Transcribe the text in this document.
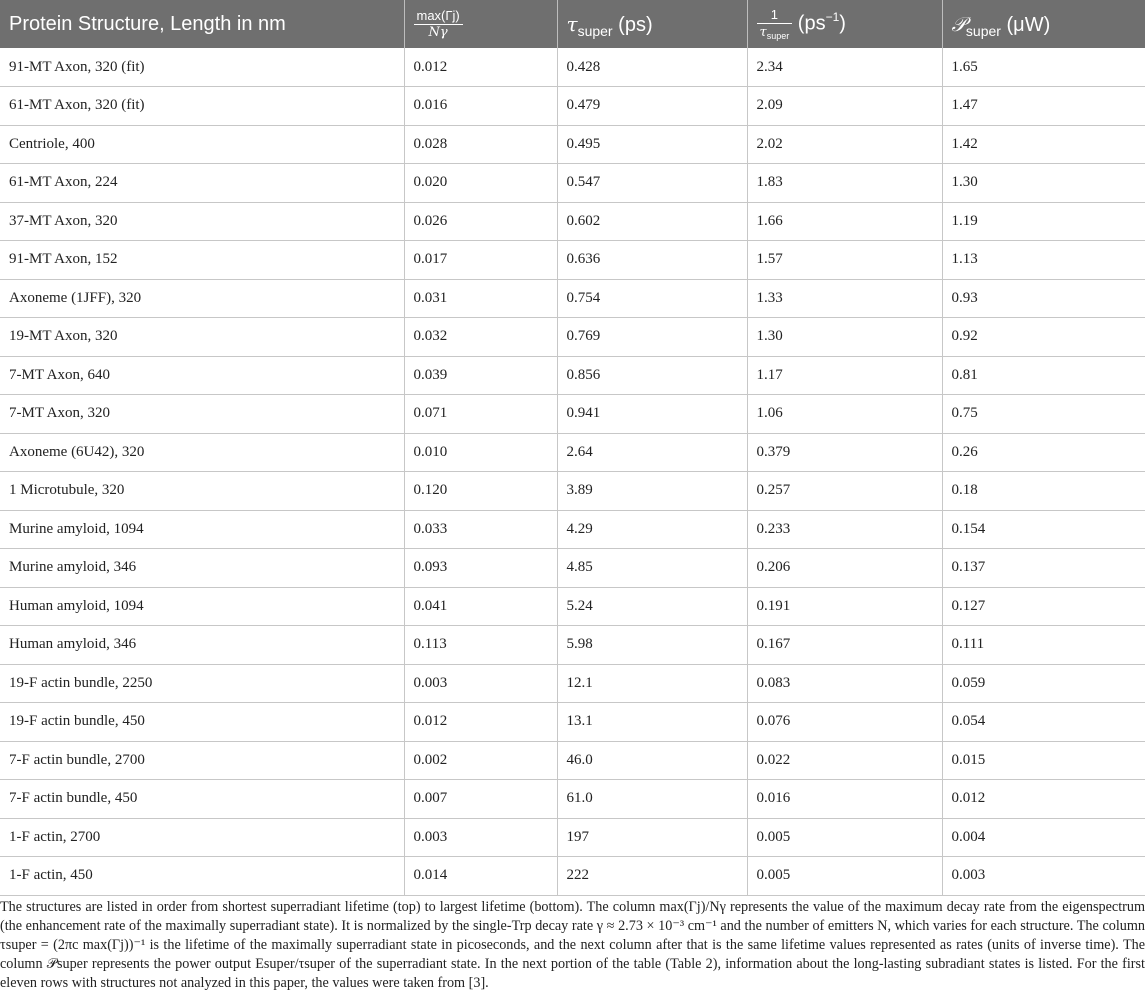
Protein Structure, Length in nm	$\frac{\max(\Gamma j)}{N\gamma}$	$\tau_{super}$ (ps)	$\frac{1}{\tau_{super}} (ps^{-1})$	𝒫$_{super}$ (μW)
91-MT Axon, 320 (fit)	0.012	0.428	2.34	1.65
61-MT Axon, 320 (fit)	0.016	0.479	2.09	1.47
Centriole, 400	0.028	0.495	2.02	1.42
61-MT Axon, 224	0.020	0.547	1.83	1.30
37-MT Axon, 320	0.026	0.602	1.66	1.19
91-MT Axon, 152	0.017	0.636	1.57	1.13
Axoneme (1JFF), 320	0.031	0.754	1.33	0.93
19-MT Axon, 320	0.032	0.769	1.30	0.92
7-MT Axon, 640	0.039	0.856	1.17	0.81
7-MT Axon, 320	0.071	0.941	1.06	0.75
Axoneme (6U42), 320	0.010	2.64	0.379	0.26
1 Microtubule, 320	0.120	3.89	0.257	0.18
Murine amyloid, 1094	0.033	4.29	0.233	0.154
Murine amyloid, 346	0.093	4.85	0.206	0.137
Human amyloid, 1094	0.041	5.24	0.191	0.127
Human amyloid, 346	0.113	5.98	0.167	0.111
19-F actin bundle, 2250	0.003	12.1	0.083	0.059
19-F actin bundle, 450	0.012	13.1	0.076	0.054
7-F actin bundle, 2700	0.002	46.0	0.022	0.015
7-F actin bundle, 450	0.007	61.0	0.016	0.012
1-F actin, 2700	0.003	197	0.005	0.004
1-F actin, 450	0.014	222	0.005	0.003

The structures are listed in order from shortest superradiant lifetime (top) to largest lifetime (bottom). The column max(Γj)/Nγ represents the value of the maximum decay rate from the eigenspectrum (the enhancement rate of the maximally superradiant state). It is normalized by the single-Trp decay rate γ ≈ 2.73 × 10⁻³ cm⁻¹ and the number of emitters N, which varies for each structure. The column τsuper = (2πc max(Γj))⁻¹ is the lifetime of the maximally superradiant state in picoseconds, and the next column after that is the same lifetime values represented as rates (units of inverse time). The column 𝒫super represents the power output Esuper/τsuper of the superradiant state. In the next portion of the table (Table 2), information about the long-lasting subradiant states is listed. For the first eleven rows with structures not analyzed in this paper, the values were taken from [3].
